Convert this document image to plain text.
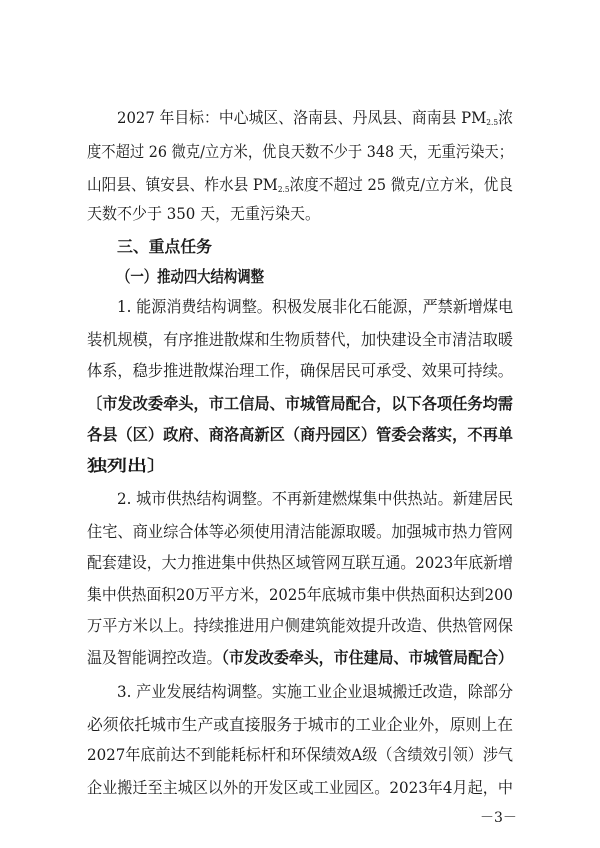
2027 年目标：中心城区、洛南县、丹凤县、商南县 $PM_{2.5}$浓
度不超过 26 微克/立方米，优良天数不少于 348 天，无重污染天；
山阳县、镇安县、柞水县 $PM_{2.5}$浓度不超过 25 微克/立方米，优良
天数不少于 350 天，无重污染天。
三、重点任务
（一）推动四大结构调整
1. 能源消费结构调整。积极发展非化石能源，严禁新增煤电
装机规模，有序推进散煤和生物质替代，加快建设全市清洁取暖
体系，稳步推进散煤治理工作，确保居民可承受、效果可持续。
〔市发改委牵头，市工信局、市城管局配合，以下各项任务均需
各县（区）政府、商洛高新区（商丹园区）管委会落实，不再单
独列出〕
2. 城市供热结构调整。不再新建燃煤集中供热站。新建居民
住宅、商业综合体等必须使用清洁能源取暖。加强城市热力管网
配套建设，大力推进集中供热区域管网互联互通。2023年底新增
集中供热面积20万平方米，2025年底城市集中供热面积达到200
万平方米以上。持续推进用户侧建筑能效提升改造、供热管网保
温及智能调控改造。（市发改委牵头，市住建局、市城管局配合）
3. 产业发展结构调整。实施工业企业退城搬迁改造，除部分
必须依托城市生产或直接服务于城市的工业企业外，原则上在
2027年底前达不到能耗标杆和环保绩效A级（含绩效引领）涉气
企业搬迁至主城区以外的开发区或工业园区。2023年4月起，中
－3－
